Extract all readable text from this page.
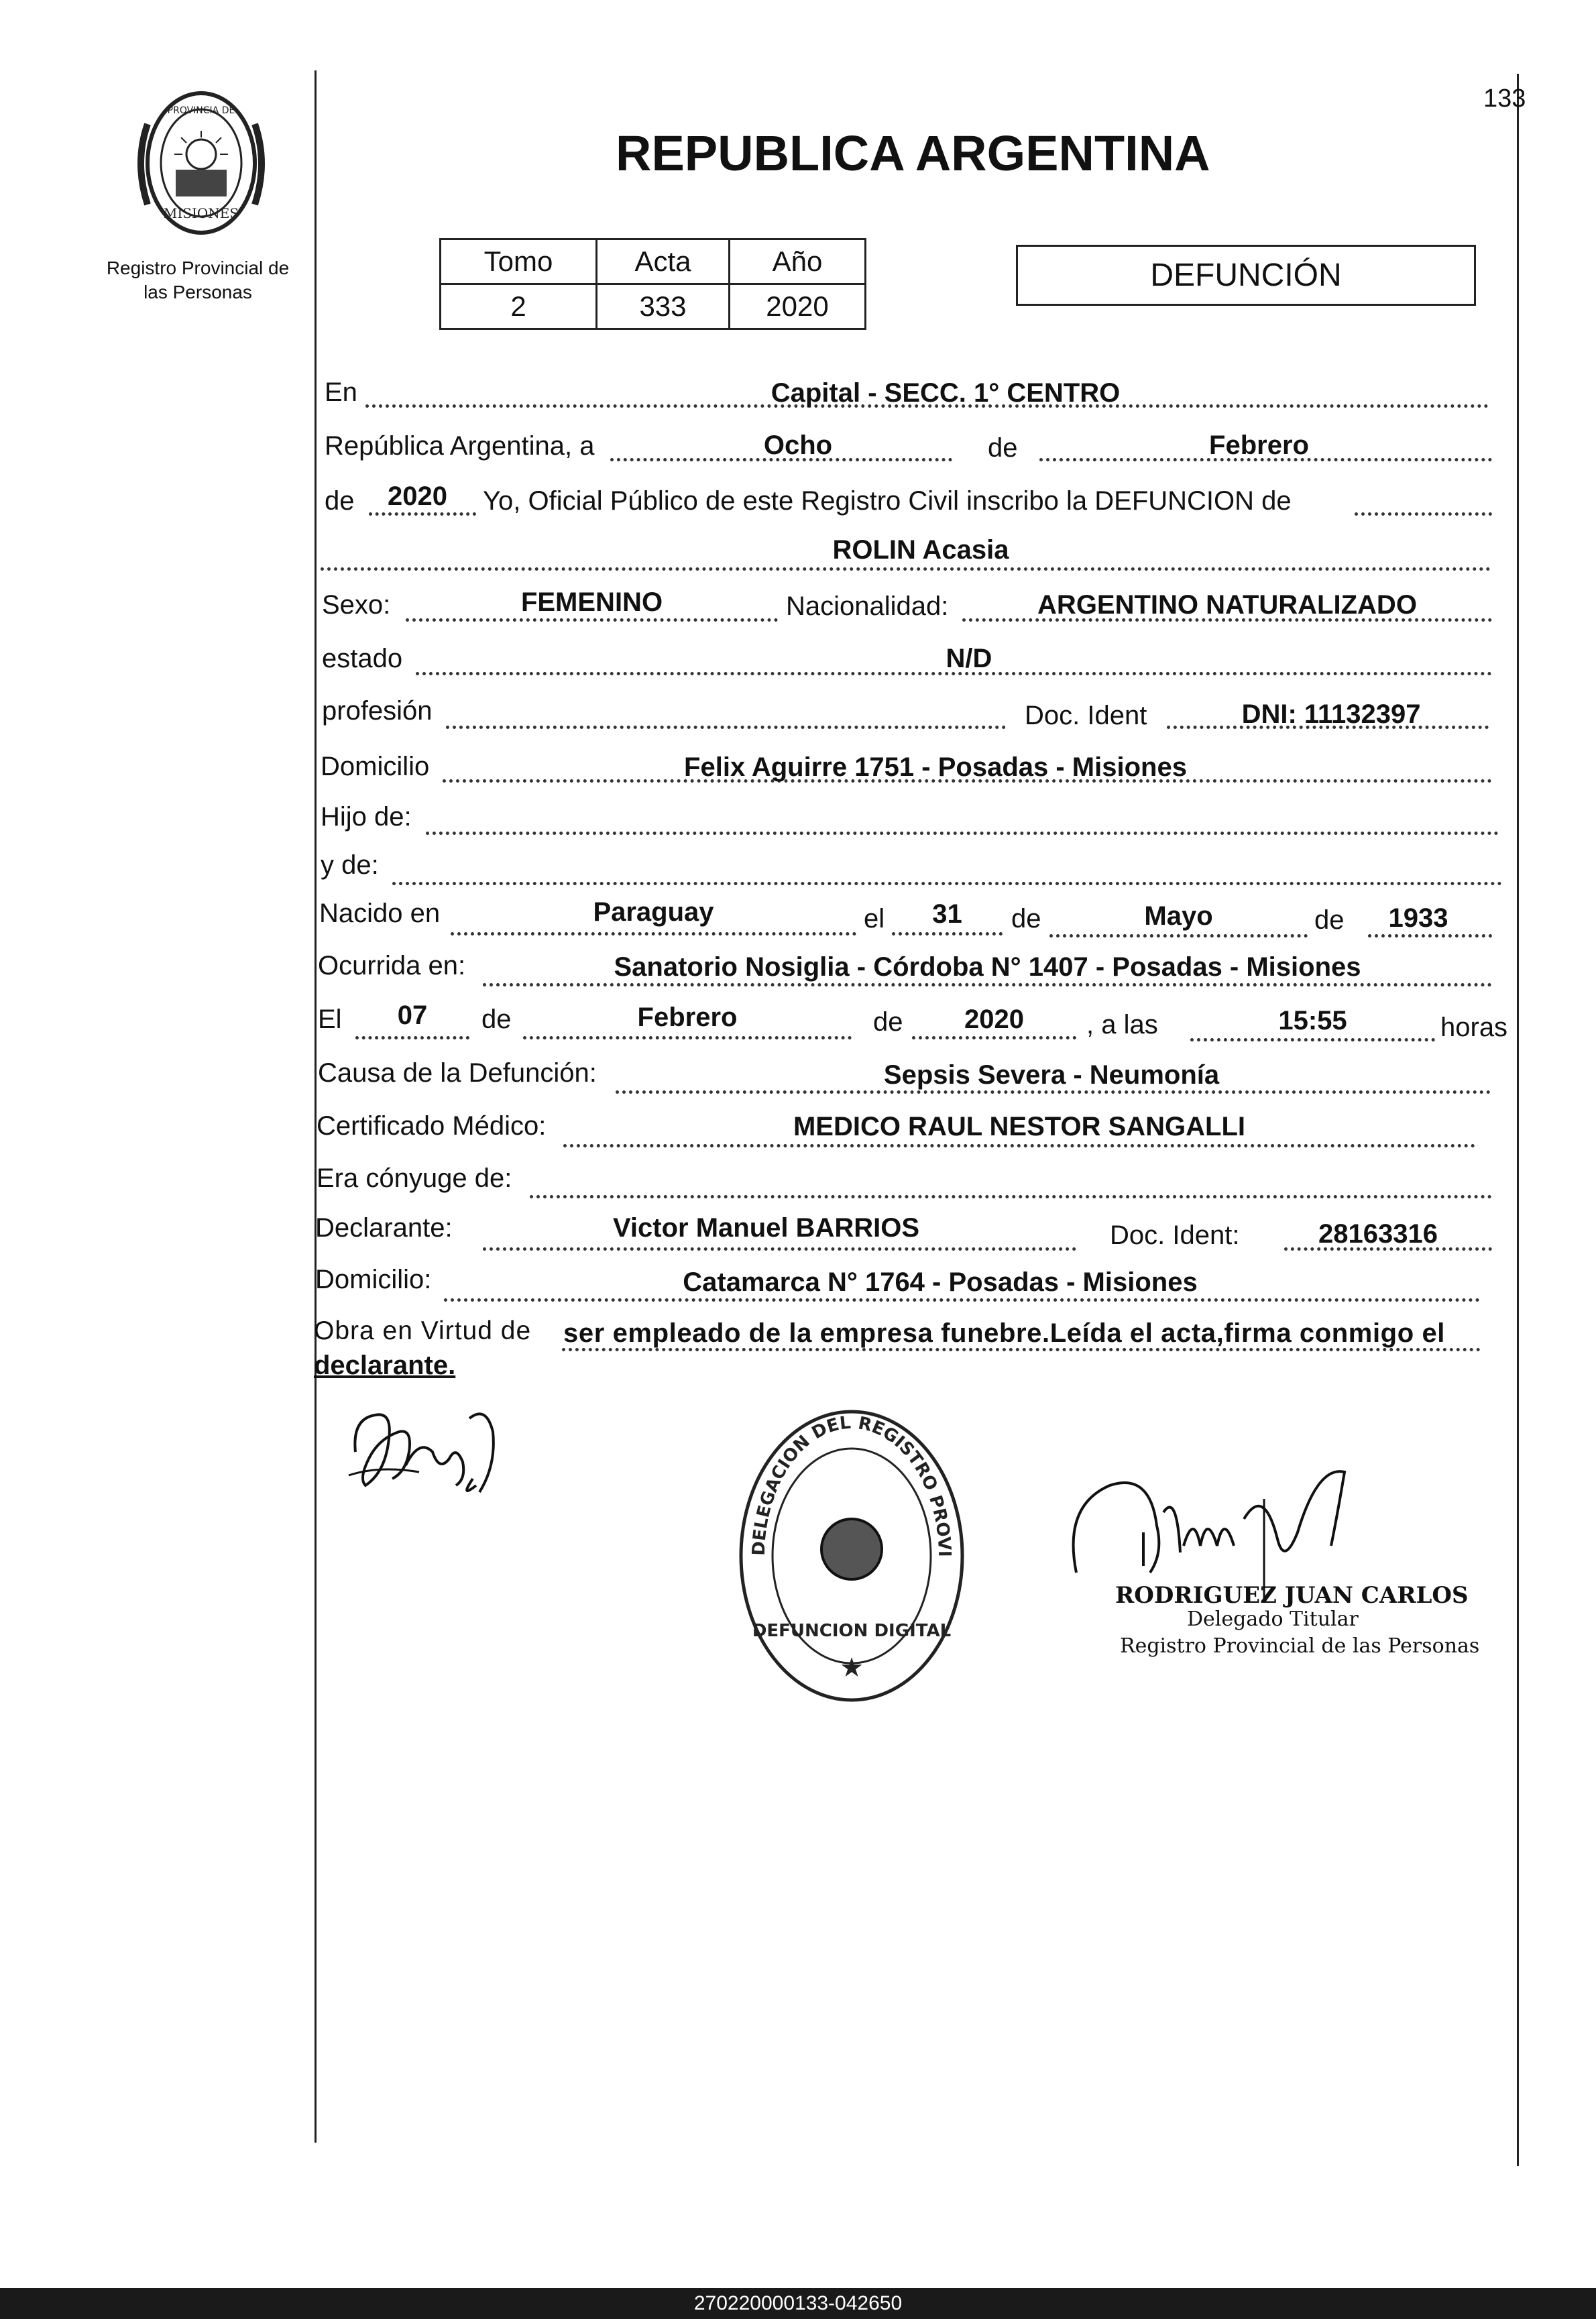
133
PROVINCIA DE
MISIONES
Registro Provincial de
las Personas
REPUBLICA ARGENTINA
Tomo	Acta	Año
2	333	2020
DEFUNCIÓN
En	Capital - SECC. 1° CENTRO
República Argentina, a	Ocho	de	Febrero
de	2020	Yo, Oficial Público de este Registro Civil inscribo la DEFUNCION de
ROLIN Acasia
Sexo:	FEMENINO	Nacionalidad:	ARGENTINO NATURALIZADO
estado	N/D
profesión	Doc. Ident	DNI: 11132397
Domicilio	Felix Aguirre 1751 - Posadas - Misiones
Hijo de:
y de:
Nacido en	Paraguay	el	31	de	Mayo	de	1933
Ocurrida en:	Sanatorio Nosiglia - Córdoba N° 1407 - Posadas - Misiones
El	07	de	Febrero	de	2020	, a las	15:55	horas
Causa de la Defunción:	Sepsis Severa - Neumonía
Certificado Médico:	MEDICO RAUL NESTOR SANGALLI
Era cónyuge de:
Declarante:	Victor Manuel BARRIOS	Doc. Ident:	28163316
Domicilio:	Catamarca N° 1764 - Posadas - Misiones
Obra en Virtud de ser empleado de la empresa funebre.Leída el acta,firma conmigo el
declarante.
DELEGACION DEL REGISTRO PROVI
DEFUNCION DIGITAL
★
RODRIGUEZ JUAN CARLOS
Delegado Titular
Registro Provincial de las Personas
270220000133-042650
